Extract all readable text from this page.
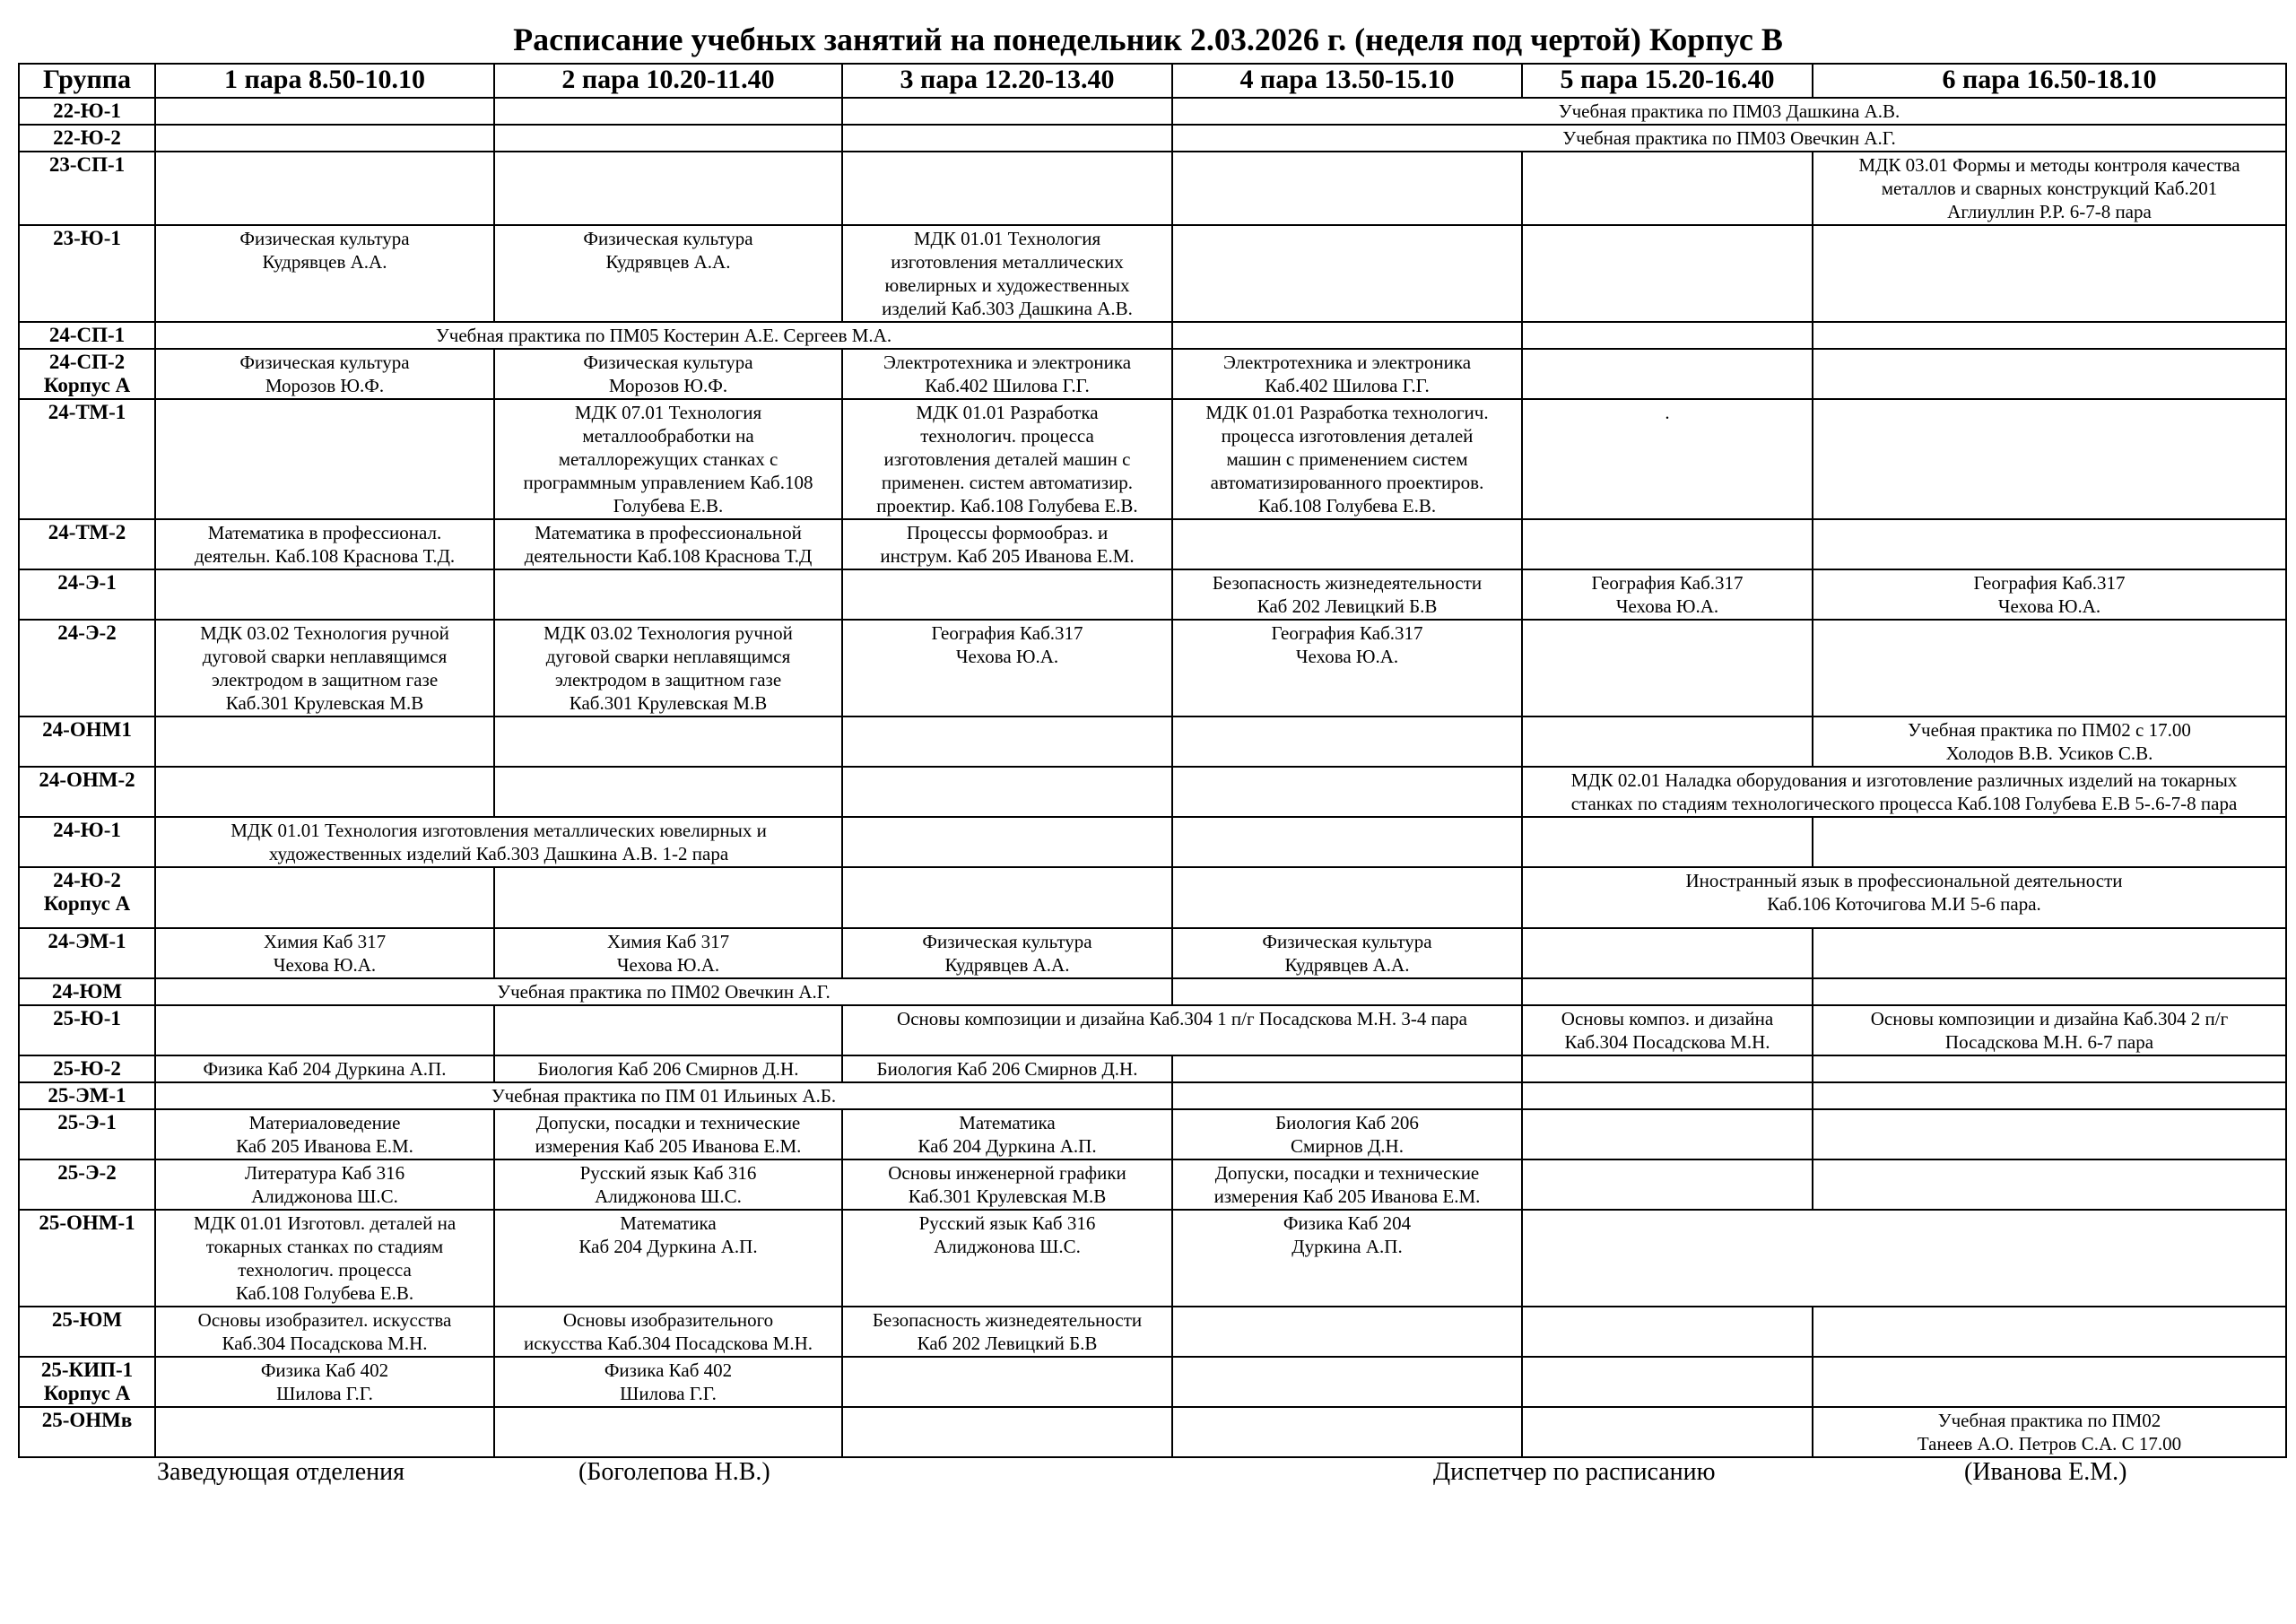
Расписание учебных занятий на понедельник 2.03.2026 г. (неделя под чертой) Корпус В
Группа	1 пара 8.50-10.10	2 пара 10.20-11.40	3 пара 12.20-13.40	4 пара 13.50-15.10	5 пара 15.20-16.40	6 пара 16.50-18.10

22-Ю-1				Учебная практика по ПМ03 Дашкина А.В.		

22-Ю-2				Учебная практика по ПМ03 Овечкин А.Г.		

23-СП-1						МДК 03.01 Формы и методы контроля качества
металлов и сварных конструкций Каб.201
Аглиуллин Р.Р. 6-7-8 пара

23-Ю-1	Физическая культура
Кудрявцев А.А.	Физическая культура
Кудрявцев А.А.	МДК 01.01 Технология
изготовления металлических
ювелирных и художественных
изделий Каб.303 Дашкина А.В.			

24-СП-1	Учебная практика по ПМ05 Костерин А.Е. Сергеев М.А.					

24-СП-2
Корпус А	Физическая культура
Морозов Ю.Ф.	Физическая культура
Морозов Ю.Ф.	Электротехника и электроника
Каб.402 Шилова Г.Г.	Электротехника и электроника
Каб.402 Шилова Г.Г.		

24-ТМ-1		МДК 07.01 Технология
металлообработки на
металлорежущих станках с
программным управлением Каб.108
Голубева Е.В.	МДК 01.01 Разработка
технологич. процесса
изготовления деталей машин с
применен. систем автоматизир.
проектир. Каб.108 Голубева Е.В.	МДК 01.01 Разработка технологич.
процесса изготовления деталей
машин с применением систем
автоматизированного проектиров.
Каб.108 Голубева Е.В.	.	

24-ТМ-2	Математика в профессионал.
деятельн. Каб.108 Краснова Т.Д.	Математика в профессиональной
деятельности Каб.108 Краснова Т.Д	Процессы формообраз. и
инструм. Каб 205 Иванова Е.М.			

24-Э-1				Безопасность жизнедеятельности
Каб 202 Левицкий Б.В	География Каб.317
Чехова Ю.А.	География Каб.317
Чехова Ю.А.

24-Э-2	МДК 03.02 Технология ручной
дуговой сварки неплавящимся
электродом в защитном газе
Каб.301 Крулевская М.В	МДК 03.02 Технология ручной
дуговой сварки неплавящимся
электродом в защитном газе
Каб.301 Крулевская М.В	География Каб.317
Чехова Ю.А.	География Каб.317
Чехова Ю.А.		

24-ОНМ1						Учебная практика по ПМ02 с 17.00
Холодов В.В. Усиков С.В.

24-ОНМ-2					МДК 02.01 Наладка оборудования и изготовление различных изделий на токарных
станках по стадиям технологического процесса Каб.108 Голубева Е.В 5-.6-7-8 пара	

24-Ю-1	МДК 01.01 Технология изготовления металлических ювелирных и
художественных изделий Каб.303 Дашкина А.В. 1-2 пара					

24-Ю-2
Корпус А					Иностранный язык в профессиональной деятельности
Каб.106 Коточигова М.И 5-6 пара.	

24-ЭМ-1	Химия Каб 317
Чехова Ю.А.	Химия Каб 317
Чехова Ю.А.	Физическая культура
Кудрявцев А.А.	Физическая культура
Кудрявцев А.А.		

24-ЮМ	Учебная практика по ПМ02 Овечкин А.Г.					

25-Ю-1			Основы композиции и дизайна Каб.304 1 п/г Посадскова М.Н. 3-4 пара		Основы композ. и дизайна
Каб.304 Посадскова М.Н.	Основы композиции и дизайна Каб.304 2 п/г
Посадскова М.Н. 6-7 пара

25-Ю-2	Физика Каб 204 Дуркина А.П.	Биология Каб 206 Смирнов Д.Н.	Биология Каб 206 Смирнов Д.Н.			

25-ЭМ-1	Учебная практика по ПМ 01 Ильиных А.Б.					

25-Э-1	Материаловедение
Каб 205 Иванова Е.М.	Допуски, посадки и технические
измерения Каб 205 Иванова Е.М.	Математика
Каб 204 Дуркина А.П.	Биология Каб 206
Смирнов Д.Н.		

25-Э-2	Литература Каб 316
Алиджонова Ш.С.	Русский язык Каб 316
Алиджонова Ш.С.	Основы инженерной графики
Каб.301 Крулевская М.В	Допуски, посадки и технические
измерения Каб 205 Иванова Е.М.		

25-ОНМ-1	МДК 01.01 Изготовл. деталей на
токарных станках по стадиям
технологич. процесса
Каб.108 Голубева Е.В.	Математика
Каб 204 Дуркина А.П.	Русский язык Каб 316
Алиджонова Ш.С.	Физика Каб 204
Дуркина А.П.		

25-ЮМ	Основы изобразител. искусства
Каб.304 Посадскова М.Н.	Основы изобразительного
искусства Каб.304 Посадскова М.Н.	Безопасность жизнедеятельности
Каб 202 Левицкий Б.В			

25-КИП-1
Корпус А	Физика Каб 402
Шилова Г.Г.	Физика Каб 402
Шилова Г.Г.				

25-ОНМв						Учебная практика по ПМ02
Танеев А.О. Петров С.А. С 17.00
Заведующая отделения	(Боголепова Н.В.)	Диспетчер по расписанию	(Иванова Е.М.)
